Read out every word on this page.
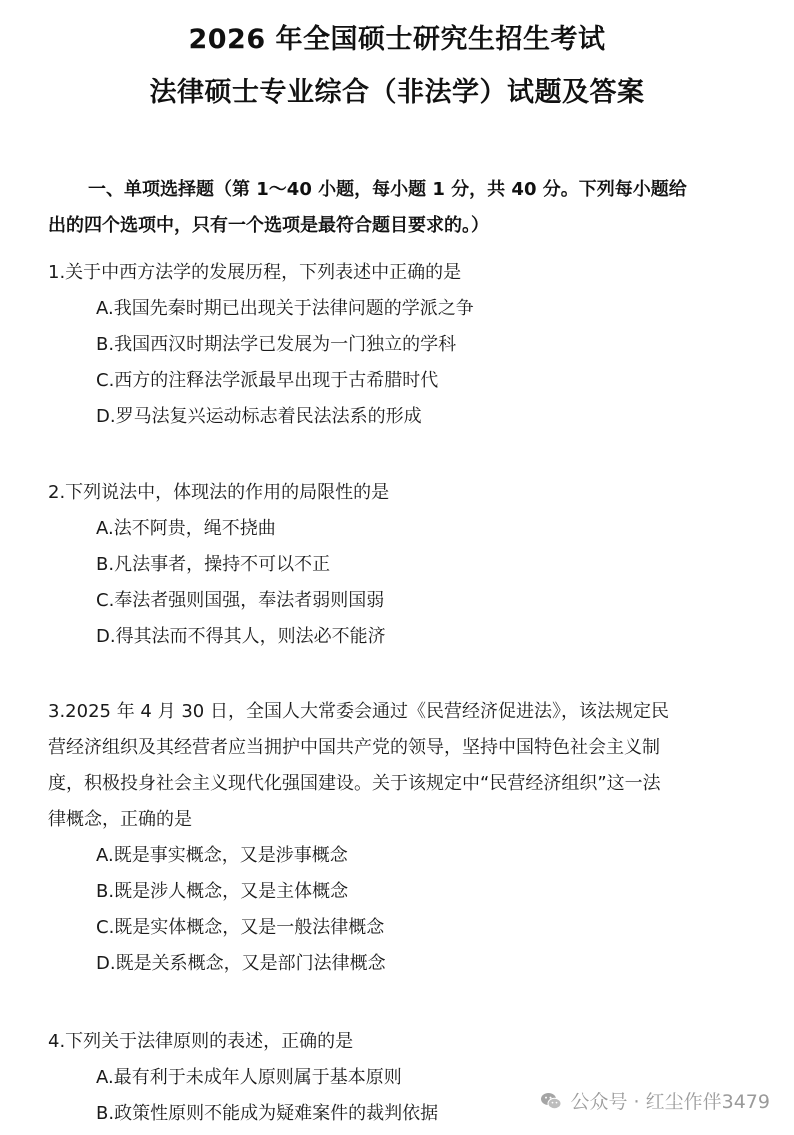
2026 年全国硕士研究生招生考试
法律硕士专业综合（非法学）试题及答案
一、单项选择题（第 1～40 小题，每小题 1 分，共 40 分。下列每小题给
出的四个选项中，只有一个选项是最符合题目要求的。）
1.关于中西方法学的发展历程，下列表述中正确的是
A.我国先秦时期已出现关于法律问题的学派之争
B.我国西汉时期法学已发展为一门独立的学科
C.西方的注释法学派最早出现于古希腊时代
D.罗马法复兴运动标志着民法法系的形成
2.下列说法中，体现法的作用的局限性的是
A.法不阿贵，绳不挠曲
B.凡法事者，操持不可以不正
C.奉法者强则国强，奉法者弱则国弱
D.得其法而不得其人，则法必不能济
3.2025 年 4 月 30 日，全国人大常委会通过《民营经济促进法》，该法规定民
营经济组织及其经营者应当拥护中国共产党的领导，坚持中国特色社会主义制
度，积极投身社会主义现代化强国建设。关于该规定中“民营经济组织”这一法
律概念，正确的是
A.既是事实概念，又是涉事概念
B.既是涉人概念，又是主体概念
C.既是实体概念，又是一般法律概念
D.既是关系概念，又是部门法律概念
4.下列关于法律原则的表述，正确的是
A.最有利于未成年人原则属于基本原则
B.政策性原则不能成为疑难案件的裁判依据
公众号 · 红尘作伴3479
